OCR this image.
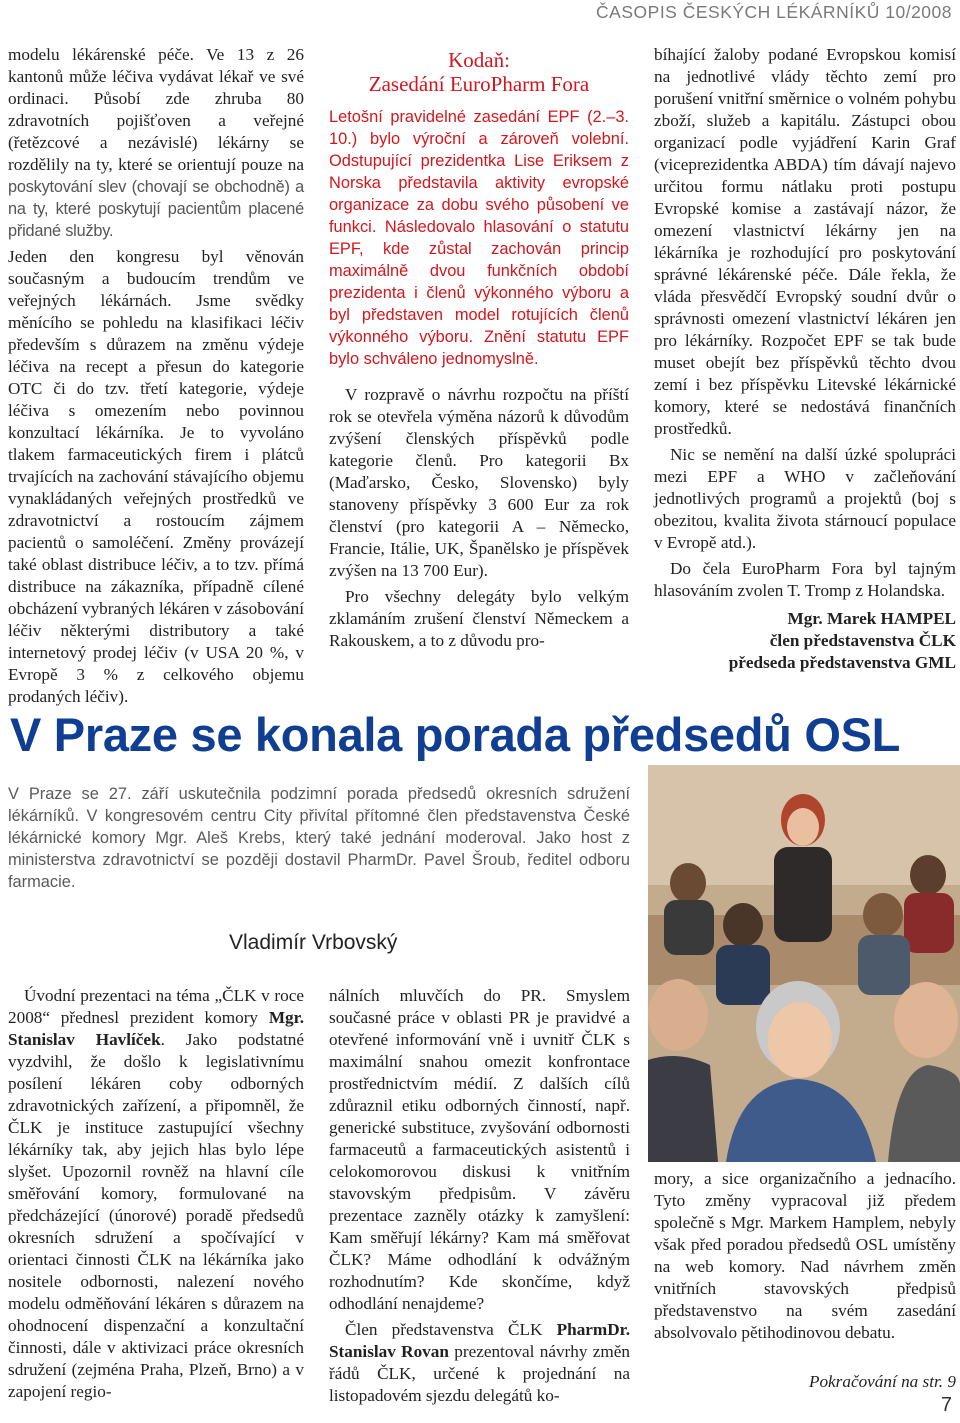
ČASOPIS ČESKÝCH LÉKÁRNÍKŮ 10/2008

modelu lékárenské péče. Ve 13 z 26 kantonů může léčiva vydávat lékař ve své ordinaci. Působí zde zhruba 80 zdravotních pojišťoven a veřejné (řetězcové a nezávislé) lékárny se rozdělily na ty, které se orientují pouze na poskytování slev (chovají se obchodně) a na ty, které poskytují pacientům placené přidané služby.

Jeden den kongresu byl věnován současným a budoucím trendům ve veřejných lékárnách. Jsme svědky měnícího se pohledu na klasifikaci léčiv především s důrazem na změnu výdeje léčiva na recept a přesun do kategorie OTC či do tzv. třetí kategorie, výdeje léčiva s omezením nebo povinnou konzultací lékárníka. Je to vyvoláno tlakem farmaceutických firem i plátců trvajících na zachování stávajícího objemu vynakládaných veřejných prostředků ve zdravotnictví a rostoucím zájmem pacientů o samoléčení. Změny provázejí také oblast distribuce léčiv, a to tzv. přímá distribuce na zákazníka, případně cílené obcházení vybraných lékáren v zásobování léčiv některými distributory a také internetový prodej léčiv (v USA 20 %, v Evropě 3 % z celkového objemu prodaných léčiv).

Kodaň:

Zasedání EuroPharm Fora

Letošní pravidelné zasedání EPF (2.–3. 10.) bylo výroční a zároveň volební. Odstupující prezidentka Lise Eriksem z Norska představila aktivity evropské organizace za dobu svého působení ve funkci. Následovalo hlasování o statutu EPF, kde zůstal zachován princip maximálně dvou funkčních období prezidenta i členů výkonného výboru a byl představen model rotujících členů výkonného výboru. Znění statutu EPF bylo schváleno jednomyslně.

V rozpravě o návrhu rozpočtu na příští rok se otevřela výměna názorů k důvodům zvýšení členských příspěvků podle kategorie členů. Pro kategorii Bx (Maďarsko, Česko, Slovensko) byly stanoveny příspěvky 3 600 Eur za rok členství (pro kategorii A – Německo, Francie, Itálie, UK, Španělsko je příspěvek zvýšen na 13 700 Eur).

Pro všechny delegáty bylo velkým zklamáním zrušení členství Německem a Rakouskem, a to z důvodu pro-

bíhající žaloby podané Evropskou komisí na jednotlivé vlády těchto zemí pro porušení vnitřní směrnice o volném pohybu zboží, služeb a kapitálu. Zástupci obou organizací podle vyjádření Karin Graf (viceprezidentka ABDA) tím dávají najevo určitou formu nátlaku proti postupu Evropské komise a zastávají názor, že omezení vlastnictví lékárny jen na lékárníka je rozhodující pro poskytování správné lékárenské péče. Dále řekla, že vláda přesvědčí Evropský soudní dvůr o správnosti omezení vlastnictví lékáren jen pro lékárníky. Rozpočet EPF se tak bude muset obejít bez příspěvků těchto dvou zemí i bez příspěvku Litevské lékárnické komory, které se nedostává finančních prostředků.

Nic se nemění na další úzké spolupráci mezi EPF a WHO v začleňování jednotlivých programů a projektů (boj s obezitou, kvalita života stárnoucí populace v Evropě atd.).

Do čela EuroPharm Fora byl tajným hlasováním zvolen T. Tromp z Holandska.

Mgr. Marek HAMPEL

člen představenstva ČLK

předseda představenstva GML

V Praze se konala porada předsedů OSL

V Praze se 27. září uskutečnila podzimní porada předsedů okresních sdružení lékárníků. V kongresovém centru City přivítal přítomné člen představenstva České lékárnické komory Mgr. Aleš Krebs, který také jednání moderoval. Jako host z ministerstva zdravotnictví se později dostavil PharmDr. Pavel Šroub, ředitel odboru farmacie.

Vladimír Vrbovský

Úvodní prezentaci na téma „ČLK v roce 2008“ přednesl prezident komory Mgr. Stanislav Havlíček. Jako podstatné vyzdvihl, že došlo k legislativnímu posílení lékáren coby odborných zdravotnických zařízení, a připomněl, že ČLK je instituce zastupující všechny lékárníky tak, aby jejich hlas bylo lépe slyšet. Upozornil rovněž na hlavní cíle směřování komory, formulované na předcházející (únorové) poradě předsedů okresních sdružení a spočívající v orientaci činnosti ČLK na lékárníka jako nositele odbornosti, nalezení nového modelu odměňování lékáren s důrazem na ohodnocení dispenzační a konzultační činnosti, dále v aktivizaci práce okresních sdružení (zejména Praha, Plzeň, Brno) a v zapojení regio-

nálních mluvčích do PR. Smyslem současné práce v oblasti PR je pravidvé a otevřené informování vně i uvnitř ČLK s maximální snahou omezit konfrontace prostřednictvím médií. Z dalších cílů zdůraznil etiku odborných činností, např. generické substituce, zvyšování odbornosti farmaceutů a farmaceutických asistentů i celokomorovou diskusi k vnitřním stavovským předpisům. V závěru prezentace zazněly otázky k zamyšlení: Kam směřují lékárny? Kam má směřovat ČLK? Máme odhodlání k odvážným rozhodnutím? Kde skončíme, když odhodlání nenajdeme?

Člen představenstva ČLK PharmDr. Stanislav Rovan prezentoval návrhy změn řádů ČLK, určené k projednání na listopadovém sjezdu delegátů ko-

mory, a sice organizačního a jednacího. Tyto změny vypracoval již předem společně s Mgr. Markem Hamplem, nebyly však před poradou předsedů OSL umístěny na web komory. Nad návrhem změn vnitřních stavovských předpisů představenstvo na svém zasedání absolvovalo pětihodinovou debatu.

Pokračování na str. 9

7
